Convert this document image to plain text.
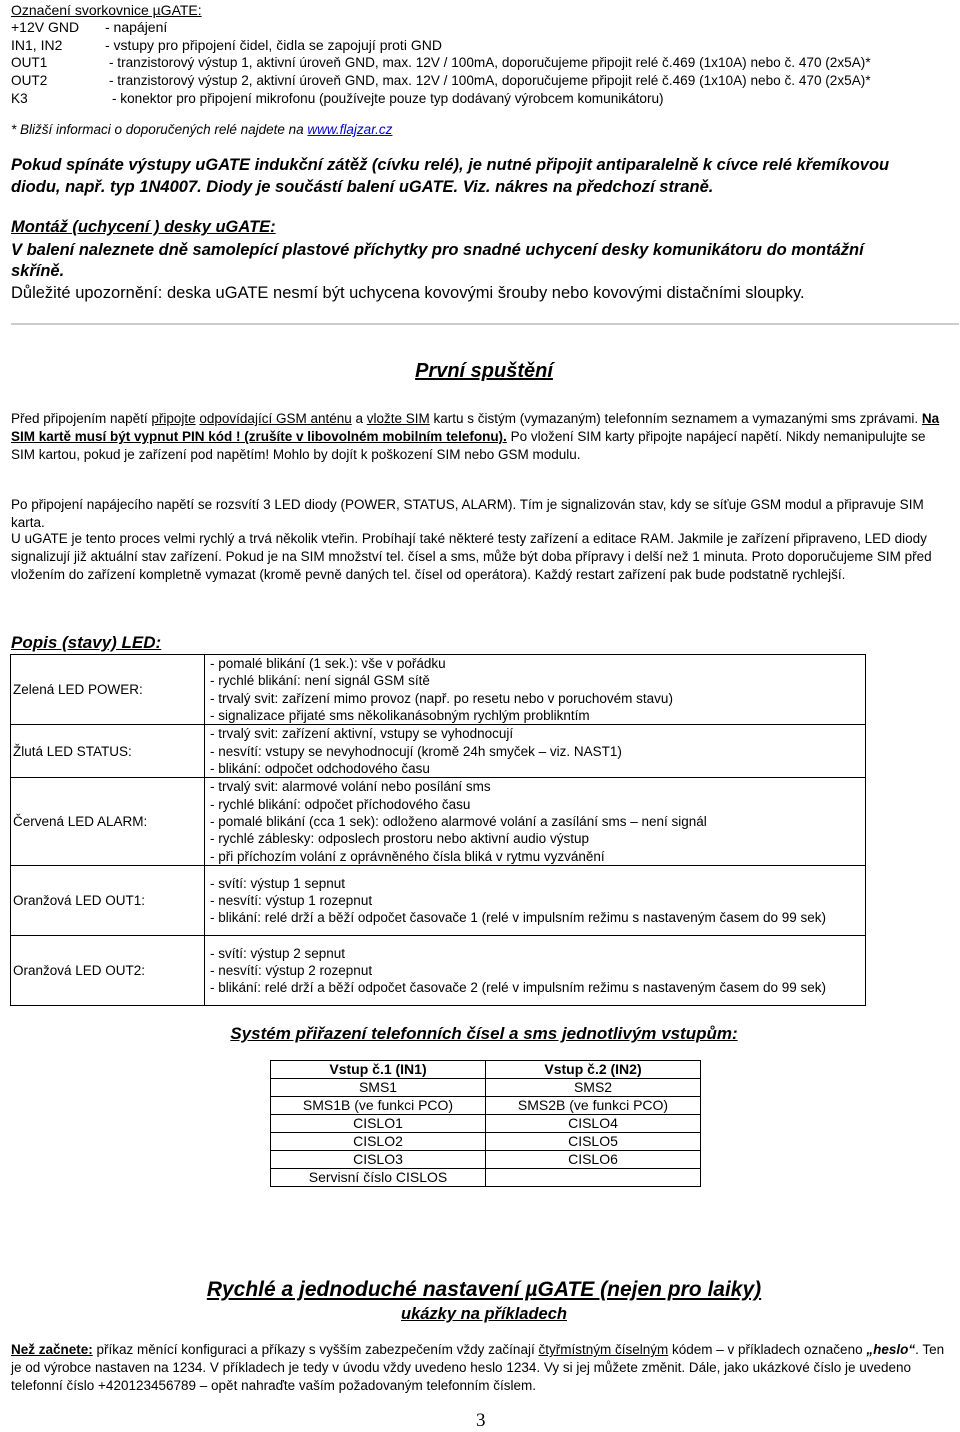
Označení svorkovnice µGATE:
+12V GND - napájení
IN1, IN2	- vstupy pro připojení čidel, čidla se zapojují proti GND
OUT1	- tranzistorový výstup 1, aktivní úroveň GND, max. 12V / 100mA, doporučujeme připojit relé č.469 (1x10A) nebo č. 470 (2x5A)*
OUT2	- tranzistorový výstup 2, aktivní úroveň GND, max. 12V / 100mA, doporučujeme připojit relé č.469 (1x10A) nebo č. 470 (2x5A)*
K3	- konektor pro připojení mikrofonu (používejte pouze typ dodávaný výrobcem komunikátoru)
* Bližší informaci o doporučených relé najdete na www.flajzar.cz
Pokud spínáte výstupy uGATE indukční zátěž (cívku relé), je nutné připojit antiparalelně k cívce relé křemíkovou diodu, např. typ 1N4007. Diody je součástí balení uGATE. Viz. nákres na předchozí straně.
Montáž (uchycení ) desky uGATE:
V balení naleznete dně samolepící plastové příchytky pro snadné uchycení desky komunikátoru do montážní skříně.
Důležité upozornění: deska uGATE nesmí být uchycena kovovými šrouby nebo kovovými distačními sloupky.
První spuštění
Před připojením napětí připojte odpovídající GSM anténu a vložte SIM kartu s čistým (vymazaným) telefonním seznamem a vymazanými sms zprávami. Na SIM kartě musí být vypnut PIN kód ! (zrušíte v libovolném mobilním telefonu). Po vložení SIM karty připojte napájecí napětí. Nikdy nemanipulujte se SIM kartou, pokud je zařízení pod napětím! Mohlo by dojít k poškození SIM nebo GSM modulu.
Po připojení napájecího napětí se rozsvítí 3 LED diody (POWER, STATUS, ALARM). Tím je signalizován stav, kdy se síťuje GSM modul a připravuje SIM karta.
U uGATE je tento proces velmi rychlý a trvá několik vteřin. Probíhají také některé testy zařízení a editace RAM. Jakmile je zařízení připraveno, LED diody signalizují již aktuální stav zařízení. Pokud je na SIM množství tel. čísel a sms, může být doba přípravy i delší než 1 minuta. Proto doporučujeme SIM před vložením do zařízení kompletně vymazat (kromě pevně daných tel. čísel od operátora). Každý restart zařízení pak bude podstatně rychlejší.
Popis (stavy) LED:
Zelená LED POWER:	- pomalé blikání (1 sek.): vše v pořádku
- rychlé blikání: není signál GSM sítě
- trvalý svit: zařízení mimo provoz (např. po resetu nebo v poruchovém stavu)
- signalizace přijaté sms několikanásobným rychlým problikntím

Žlutá LED STATUS:	- trvalý svit: zařízení aktivní, vstupy se vyhodnocují
- nesvítí: vstupy se nevyhodnocují (kromě 24h smyček – viz. NAST1)
- blikání: odpočet odchodového času

Červená LED ALARM:	- trvalý svit: alarmové volání nebo posílání sms
- rychlé blikání: odpočet příchodového času
- pomalé blikání (cca 1 sek): odloženo alarmové volání a zasílání sms – není signál
- rychlé záblesky: odposlech prostoru nebo aktivní audio výstup
- při příchozím volání z oprávněného čísla bliká v rytmu vyzvánění

Oranžová LED OUT1:	- svítí: výstup 1 sepnut
- nesvítí: výstup 1 rozepnut
- blikání: relé drží a běží odpočet časovače 1 (relé v impulsním režimu s nastaveným časem do 99 sek)

Oranžová LED OUT2:	- svítí: výstup 2 sepnut
- nesvítí: výstup 2 rozepnut
- blikání: relé drží a běží odpočet časovače 2 (relé v impulsním režimu s nastaveným časem do 99 sek)
Systém přiřazení telefonních čísel a sms jednotlivým vstupům:
Vstup č.1 (IN1)	Vstup č.2 (IN2)
SMS1	SMS2
SMS1B (ve funkci PCO)	SMS2B (ve funkci PCO)
CISLO1	CISLO4
CISLO2	CISLO5
CISLO3	CISLO6
Servisní číslo CISLOS	
Rychlé a jednoduché nastavení µGATE (nejen pro laiky)
ukázky na příkladech
Než začnete: příkaz měnící konfiguraci a příkazy s vyšším zabezpečením vždy začínají čtyřmístným číselným kódem – v příkladech označeno „heslo“. Ten je od výrobce nastaven na 1234. V příkladech je tedy v úvodu vždy uvedeno heslo 1234. Vy si jej můžete změnit. Dále, jako ukázkové číslo je uvedeno telefonní číslo +420123456789 – opět nahraďte vaším požadovaným telefonním číslem.
3
